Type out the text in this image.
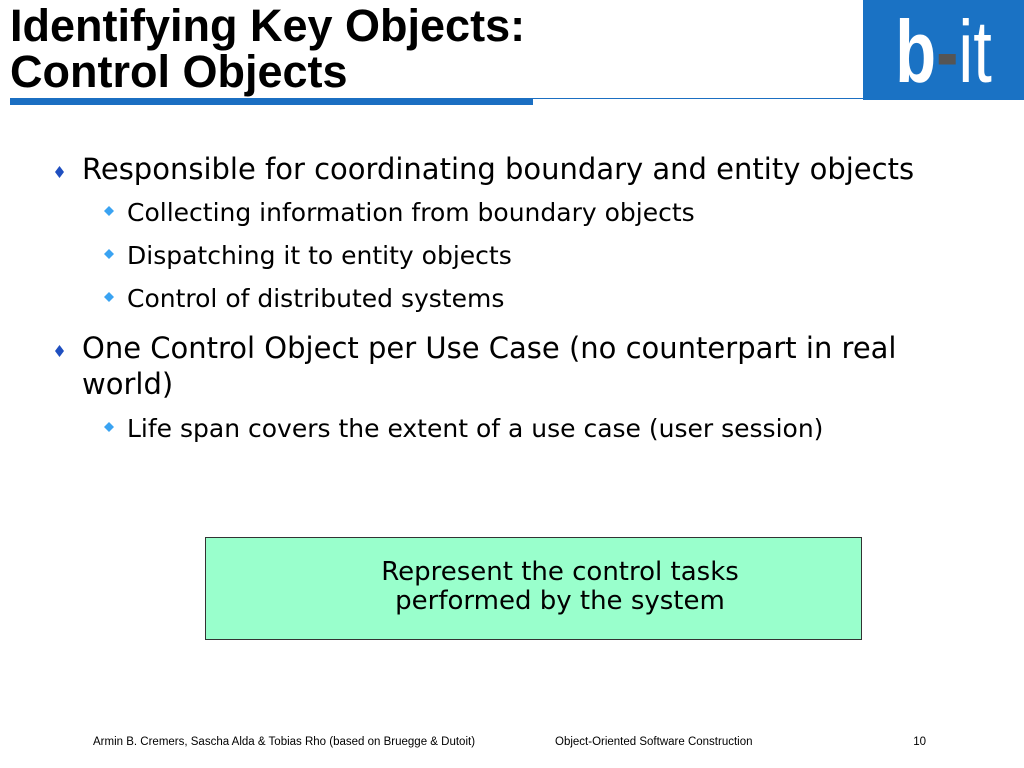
Identifying Key Objects:
Control Objects	b-it
Responsible for coordinating boundary and entity objects
Collecting information from boundary objects
Dispatching it to entity objects
Control of distributed systems
One Control Object per Use Case (no counterpart in real world)
Life span covers the extent of a use case (user session)
Represent the control tasks
performed by the system
Armin B. Cremers, Sascha Alda & Tobias Rho (based on Bruegge & Dutoit)	Object-Oriented Software Construction	10
